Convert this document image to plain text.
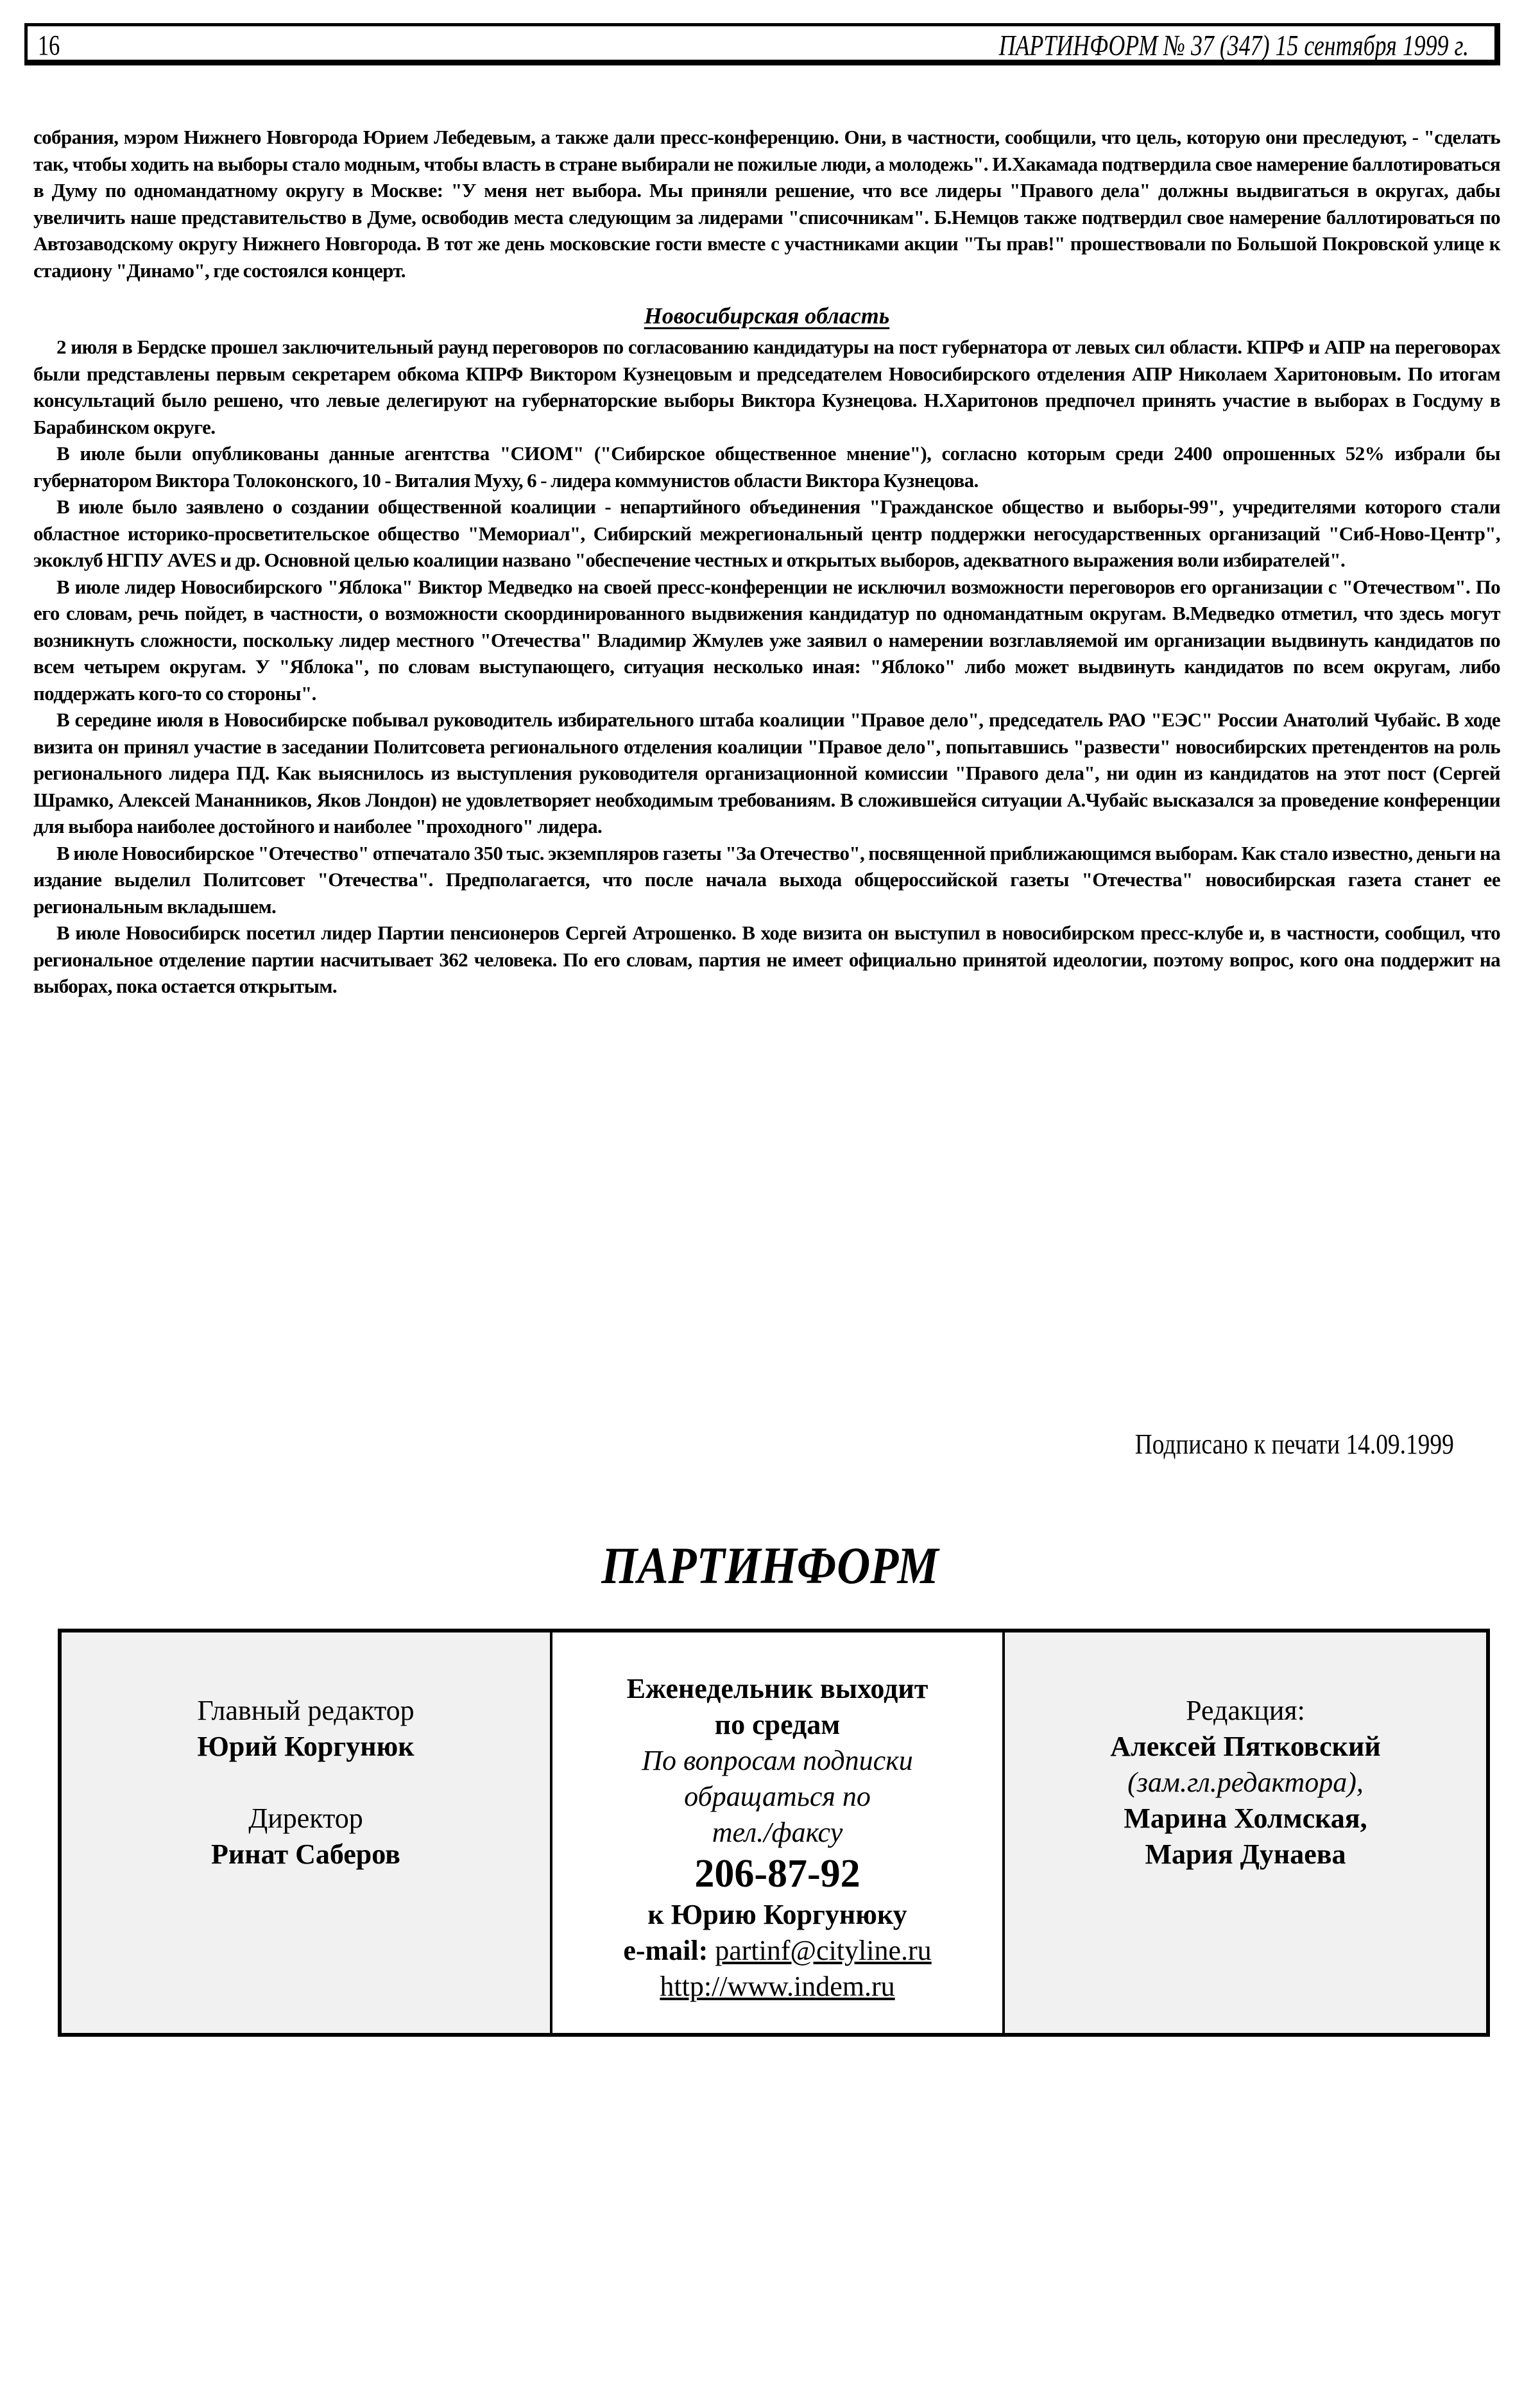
16	ПАРТИНФОРМ № 37 (347) 15 сентября 1999 г.

собрания, мэром Нижнего Новгорода Юрием Лебедевым, а также дали пресс-конференцию. Они, в частности, сообщили, что цель, которую они преследуют, - "сделать так, чтобы ходить на выборы стало модным, чтобы власть в стране выбирали не пожилые люди, а молодежь". И.Хакамада подтвердила свое намерение баллотироваться в Думу по одномандатному округу в Москве: "У меня нет выбора. Мы приняли решение, что все лидеры "Правого дела" должны выдвигаться в округах, дабы увеличить наше представительство в Думе, освободив места следующим за лидерами "списочникам". Б.Немцов также подтвердил свое намерение баллотироваться по Автозаводскому округу Нижнего Новгорода. В тот же день московские гости вместе с участниками акции "Ты прав!" прошествовали по Большой Покровской улице к стадиону "Динамо", где состоялся концерт.

Новосибирская область

2 июля в Бердске прошел заключительный раунд переговоров по согласованию кандидатуры на пост губернатора от левых сил области. КПРФ и АПР на переговорах были представлены первым секретарем обкома КПРФ Виктором Кузнецовым и председателем Новосибирского отделения АПР Николаем Харитоновым. По итогам консультаций было решено, что левые делегируют на губернаторские выборы Виктора Кузнецова. Н.Харитонов предпочел принять участие в выборах в Госдуму в Барабинском округе.

В июле были опубликованы данные агентства "СИОМ" ("Сибирское общественное мнение"), согласно которым среди 2400 опрошенных 52% избрали бы губернатором Виктора Толоконского, 10 - Виталия Муху, 6 - лидера коммунистов области Виктора Кузнецова.

В июле было заявлено о создании общественной коалиции - непартийного объединения "Гражданское общество и выборы-99", учредителями которого стали областное историко-просветительское общество "Мемориал", Сибирский межрегиональный центр поддержки негосударственных организаций "Сиб-Ново-Центр", экоклуб НГПУ AVES и др. Основной целью коалиции названо "обеспечение честных и открытых выборов, адекватного выражения воли избирателей".

В июле лидер Новосибирского "Яблока" Виктор Медведко на своей пресс-конференции не исключил возможности переговоров его организации с "Отечеством". По его словам, речь пойдет, в частности, о возможности скоординированного выдвижения кандидатур по одномандатным округам. В.Медведко отметил, что здесь могут возникнуть сложности, поскольку лидер местного "Отечества" Владимир Жмулев уже заявил о намерении возглавляемой им организации выдвинуть кандидатов по всем четырем округам. У "Яблока", по словам выступающего, ситуация несколько иная: "Яблоко" либо может выдвинуть кандидатов по всем округам, либо поддержать кого-то со стороны".

В середине июля в Новосибирске побывал руководитель избирательного штаба коалиции "Правое дело", председатель РАО "ЕЭС" России Анатолий Чубайс. В ходе визита он принял участие в заседании Политсовета регионального отделения коалиции "Правое дело", попытавшись "развести" новосибирских претендентов на роль регионального лидера ПД. Как выяснилось из выступления руководителя организационной комиссии "Правого дела", ни один из кандидатов на этот пост (Сергей Шрамко, Алексей Мананников, Яков Лондон) не удовлетворяет необходимым требованиям. В сложившейся ситуации А.Чубайс высказался за проведение конференции для выбора наиболее достойного и наиболее "проходного" лидера.

В июле Новосибирское "Отечество" отпечатало 350 тыс. экземпляров газеты "За Отечество", посвященной приближающимся выборам. Как стало известно, деньги на издание выделил Политсовет "Отечества". Предполагается, что после начала выхода общероссийской газеты "Отечества" новосибирская газета станет ее региональным вкладышем.

В июле Новосибирск посетил лидер Партии пенсионеров Сергей Атрошенко. В ходе визита он выступил в новосибирском пресс-клубе и, в частности, сообщил, что региональное отделение партии насчитывает 362 человека. По его словам, партия не имеет официально принятой идеологии, поэтому вопрос, кого она поддержит на выборах, пока остается открытым.

Подписано к печати 14.09.1999
ПАРТИНФОРМ
Главный редактор
Юрий Коргунюк
Директор
Ринат Саберов
Еженедельник выходит
по средам
По вопросам подписки
обращаться по
тел./факсу
206-87-92
к Юрию Коргунюку
e-mail: partinf@cityline.ru
http://www.indem.ru
Редакция:
Алексей Пятковский
(зам.гл.редактора),
Марина Холмская,
Мария Дунаева
